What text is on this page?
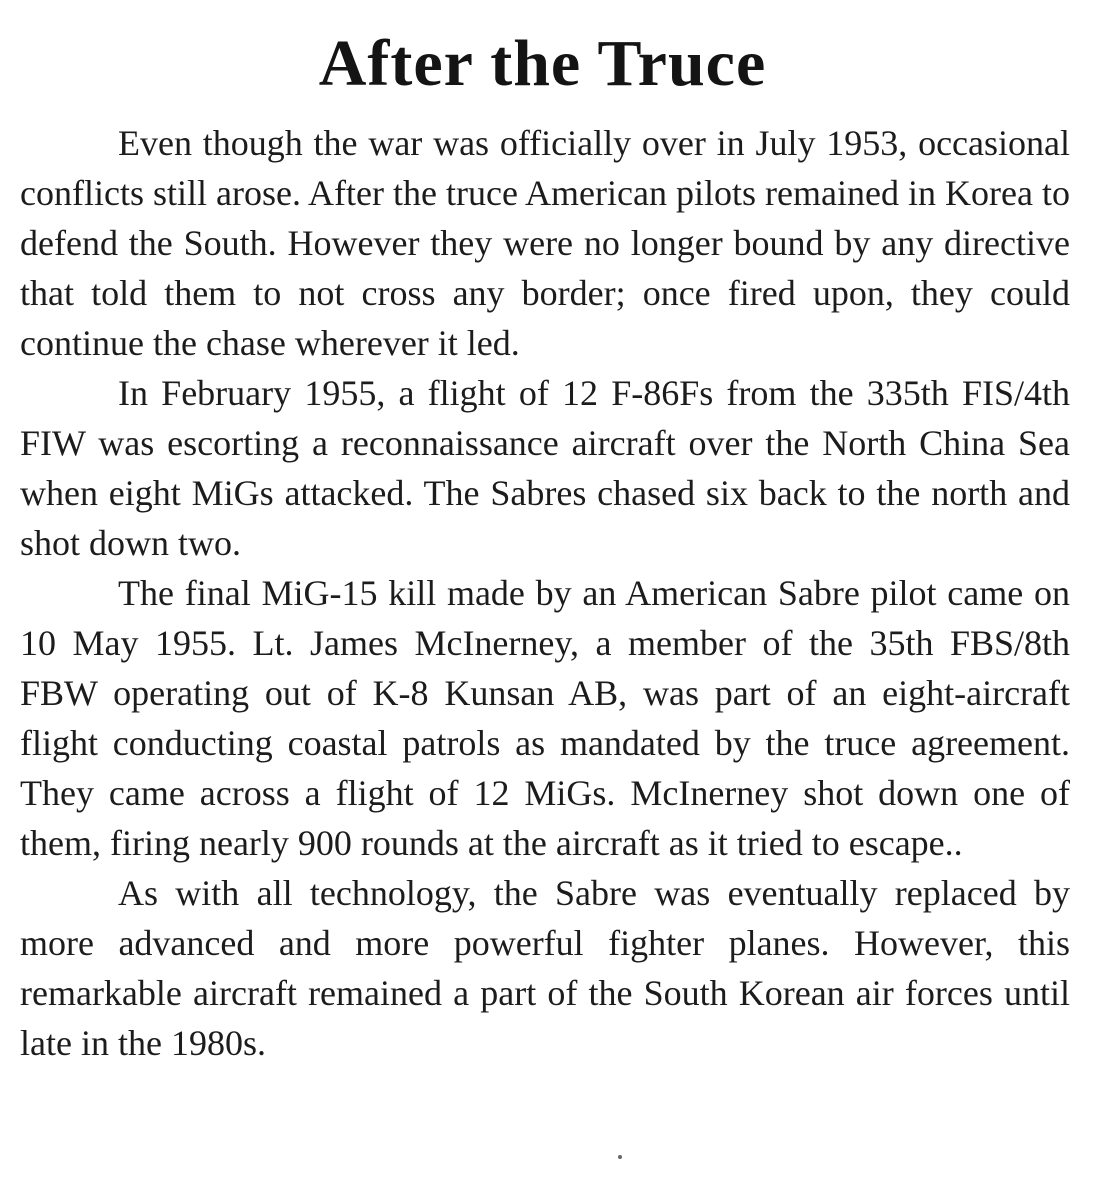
After the Truce

Even though the war was officially over in July 1953, occasional conflicts still arose. After the truce American pilots remained in Korea to defend the South. However they were no longer bound by any directive that told them to not cross any border; once fired upon, they could continue the chase wherever it led.

In February 1955, a flight of 12 F-86Fs from the 335th FIS/4th FIW was escorting a reconnaissance aircraft over the North China Sea when eight MiGs attacked. The Sabres chased six back to the north and shot down two.

The final MiG-15 kill made by an American Sabre pilot came on 10 May 1955. Lt. James McInerney, a member of the 35th FBS/8th FBW operating out of K-8 Kunsan AB, was part of an eight-aircraft flight conducting coastal patrols as mandated by the truce agreement. They came across a flight of 12 MiGs. McInerney shot down one of them, firing nearly 900 rounds at the aircraft as it tried to escape..

As with all technology, the Sabre was eventually replaced by more advanced and more powerful fighter planes. However, this remarkable aircraft remained a part of the South Korean air forces until late in the 1980s.
